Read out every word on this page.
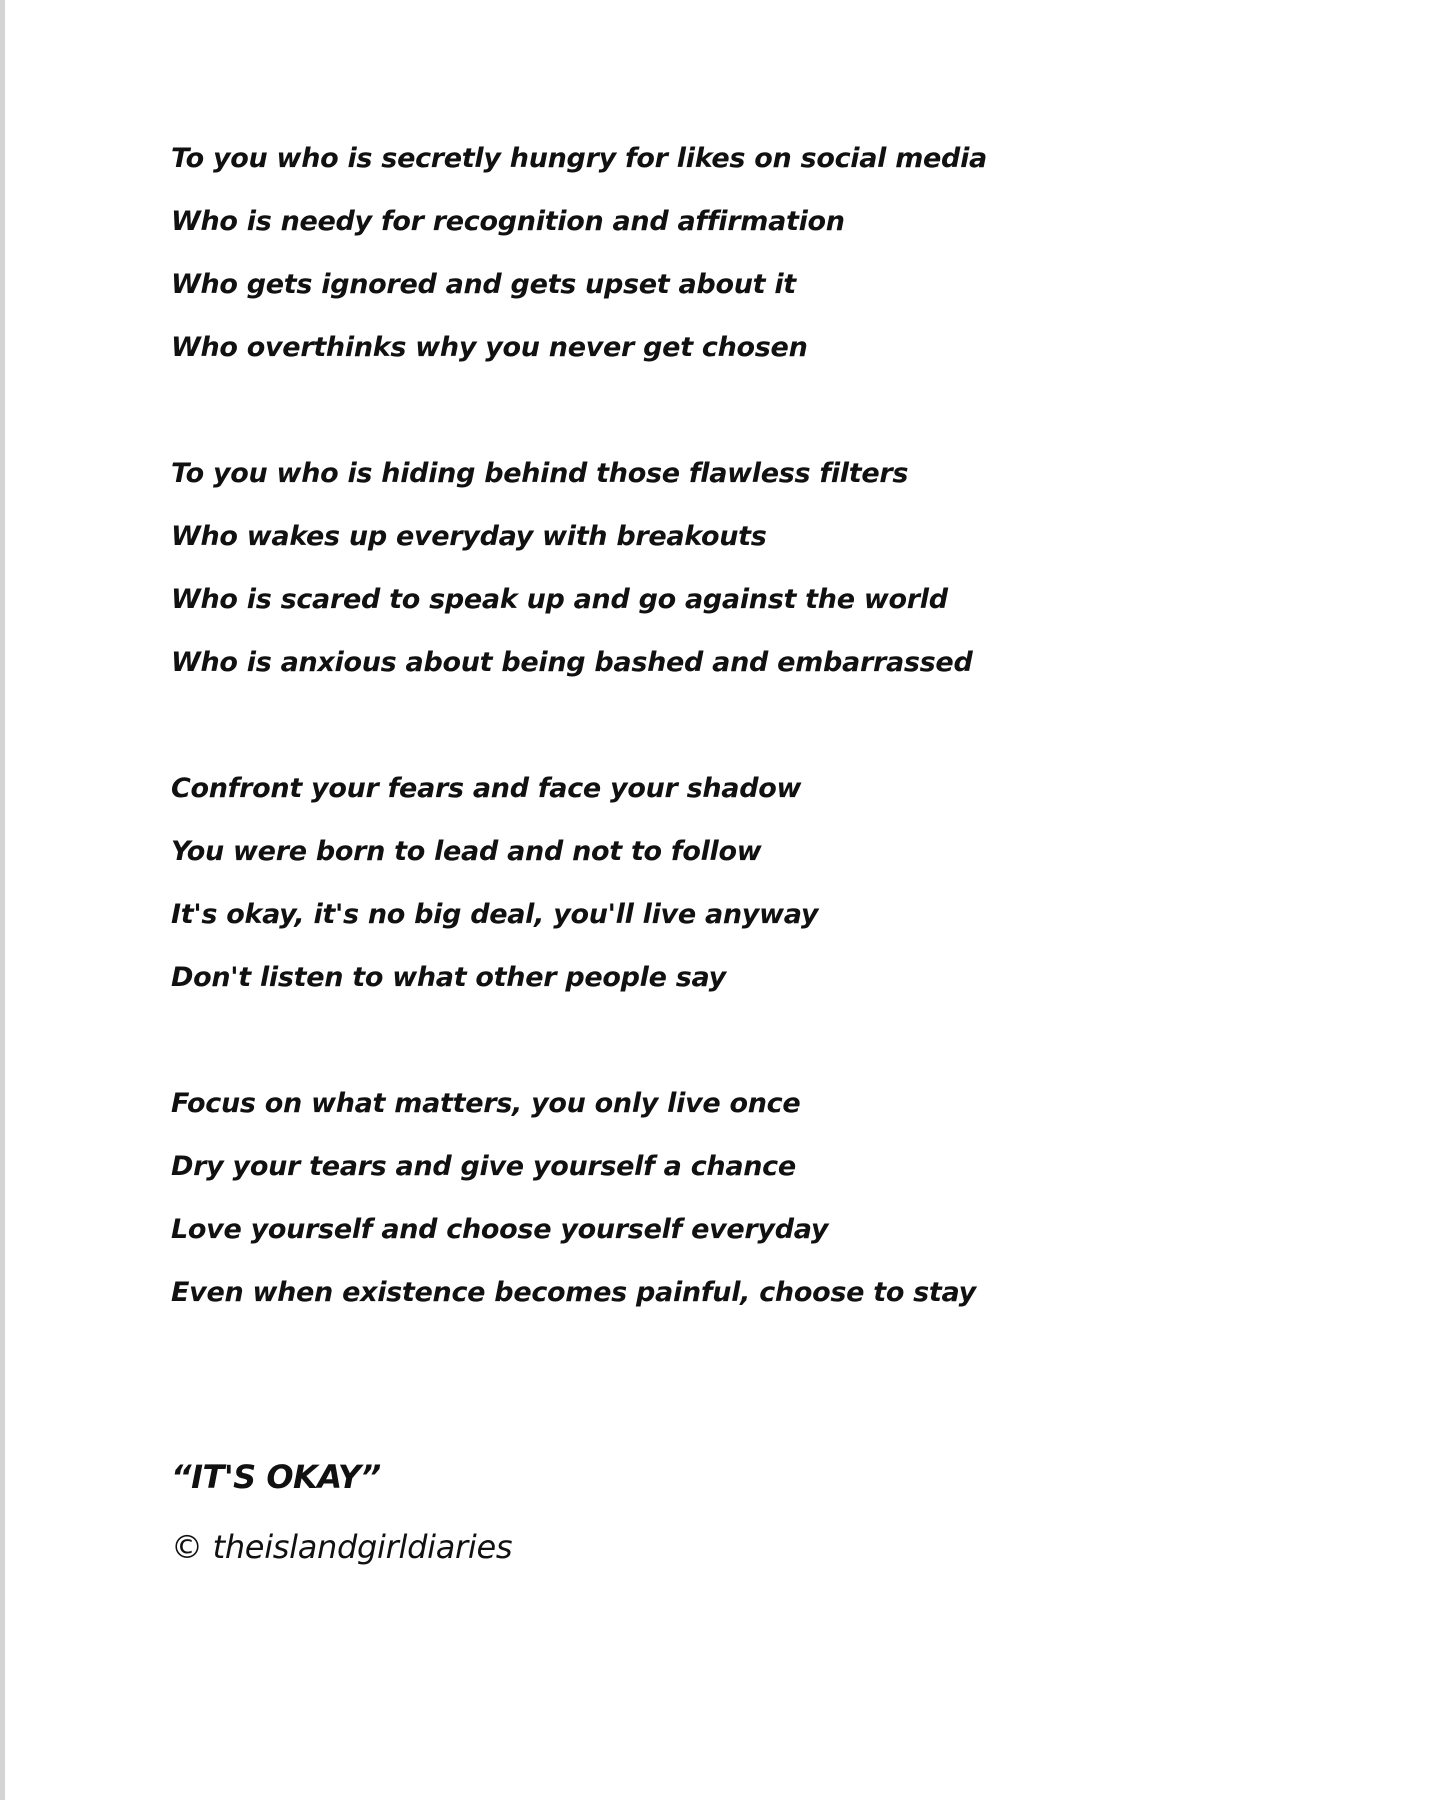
To you who is secretly hungry for likes on social media
Who is needy for recognition and affirmation
Who gets ignored and gets upset about it
Who overthinks why you never get chosen
To you who is hiding behind those flawless filters
Who wakes up everyday with breakouts
Who is scared to speak up and go against the world
Who is anxious about being bashed and embarrassed
Confront your fears and face your shadow
You were born to lead and not to follow
It's okay, it's no big deal, you'll live anyway
Don't listen to what other people say
Focus on what matters, you only live once
Dry your tears and give yourself a chance
Love yourself and choose yourself everyday
Even when existence becomes painful, choose to stay
“IT'S OKAY”
© theislandgirldiaries
